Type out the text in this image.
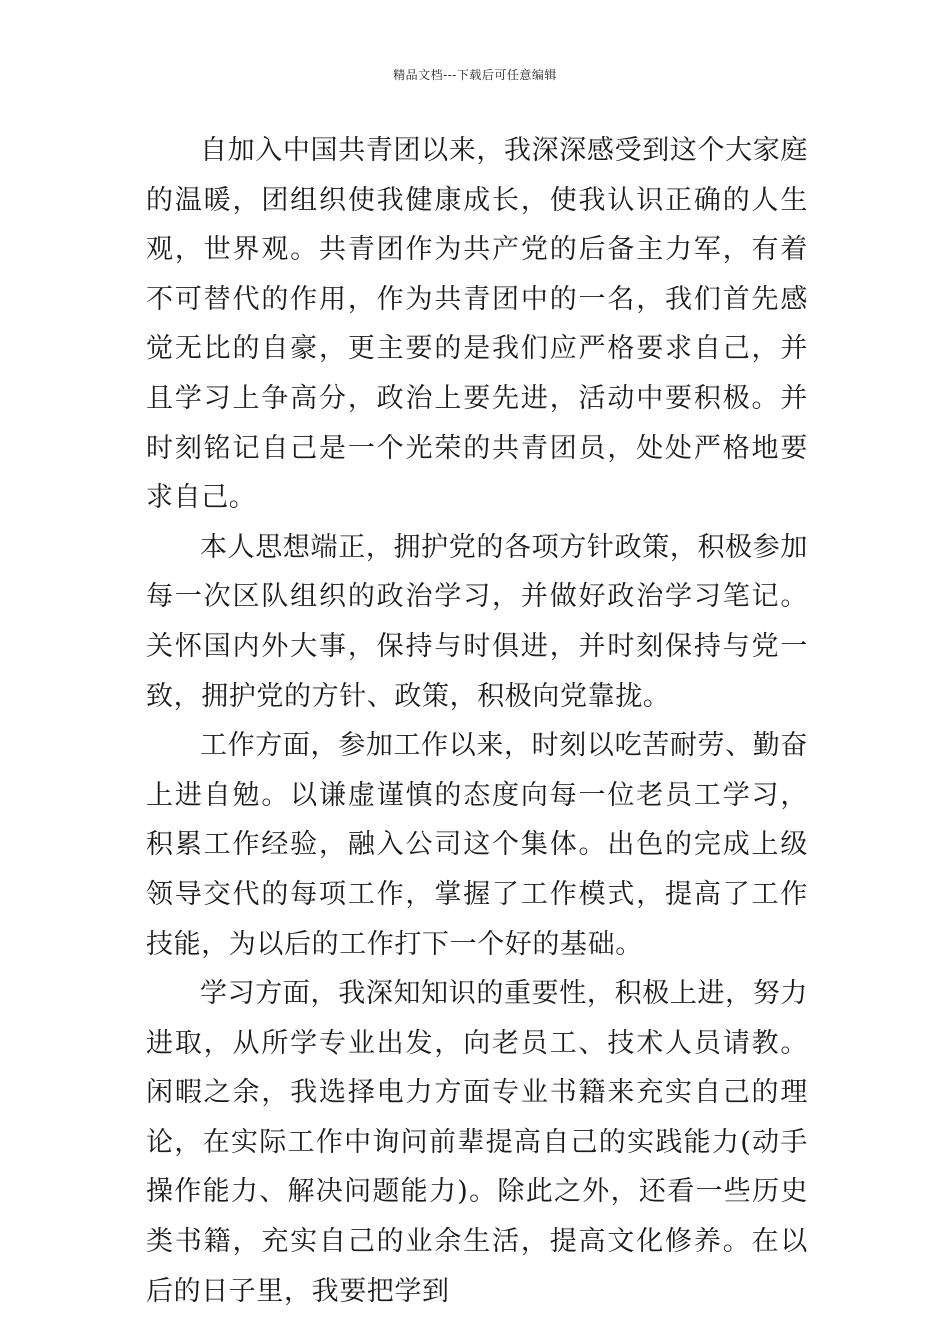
精品文档---下载后可任意编辑

自加入中国共青团以来，我深深感受到这个大家庭的温暖，团组织使我健康成长，使我认识正确的人生观，世界观。共青团作为共产党的后备主力军，有着不可替代的作用，作为共青团中的一名，我们首先感觉无比的自豪，更主要的是我们应严格要求自己，并且学习上争高分，政治上要先进，活动中要积极。并时刻铭记自己是一个光荣的共青团员，处处严格地要求自己。

本人思想端正，拥护党的各项方针政策，积极参加每一次区队组织的政治学习，并做好政治学习笔记。关怀国内外大事，保持与时俱进，并时刻保持与党一致，拥护党的方针、政策，积极向党靠拢。

工作方面，参加工作以来，时刻以吃苦耐劳、勤奋上进自勉。以谦虚谨慎的态度向每一位老员工学习，积累工作经验，融入公司这个集体。出色的完成上级领导交代的每项工作，掌握了工作模式，提高了工作技能，为以后的工作打下一个好的基础。

学习方面，我深知知识的重要性，积极上进，努力进取，从所学专业出发，向老员工、技术人员请教。闲暇之余，我选择电力方面专业书籍来充实自己的理论，在实际工作中询问前辈提高自己的实践能力(动手操作能力、解决问题能力)。除此之外，还看一些历史类书籍，充实自己的业余生活，提高文化修养。在以后的日子里，我要把学到
